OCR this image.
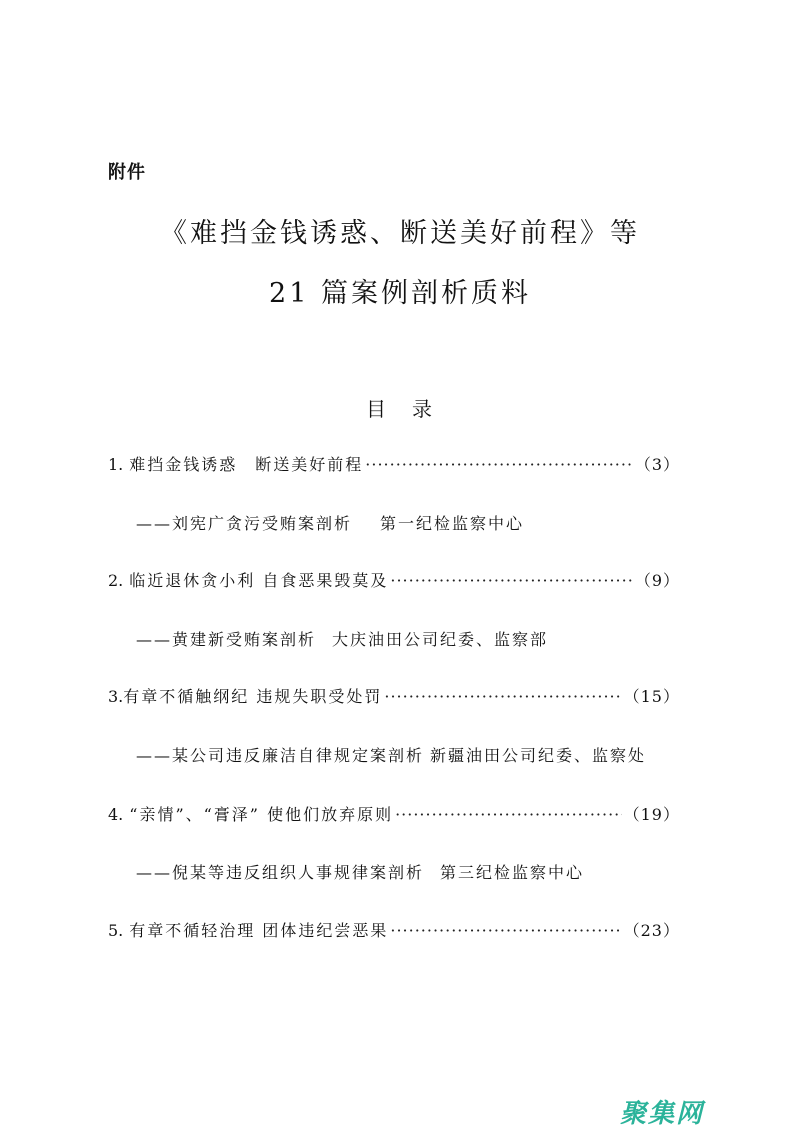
附件
《难挡金钱诱惑、断送美好前程》等
21 篇案例剖析质料
目 录
1. 难挡金钱诱惑　断送美好前程 ·····	（3）
——刘宪广贪污受贿案剖析 第一纪检监察中心
2. 临近退休贪小利 自食恶果毁莫及 ·····	（9）
——黄建新受贿案剖析 大庆油田公司纪委、监察部
3. 有章不循触纲纪 违规失职受处罚 ·····	（15）
——某公司违反廉洁自律规定案剖析 新疆油田公司纪委、监察处
4. “亲情”、“膏泽” 使他们放弃原则 ·····	（19）
——倪某等违反组织人事规律案剖析 第三纪检监察中心
5. 有章不循轻治理 团体违纪尝恶果 ·····	（23）
聚集网
